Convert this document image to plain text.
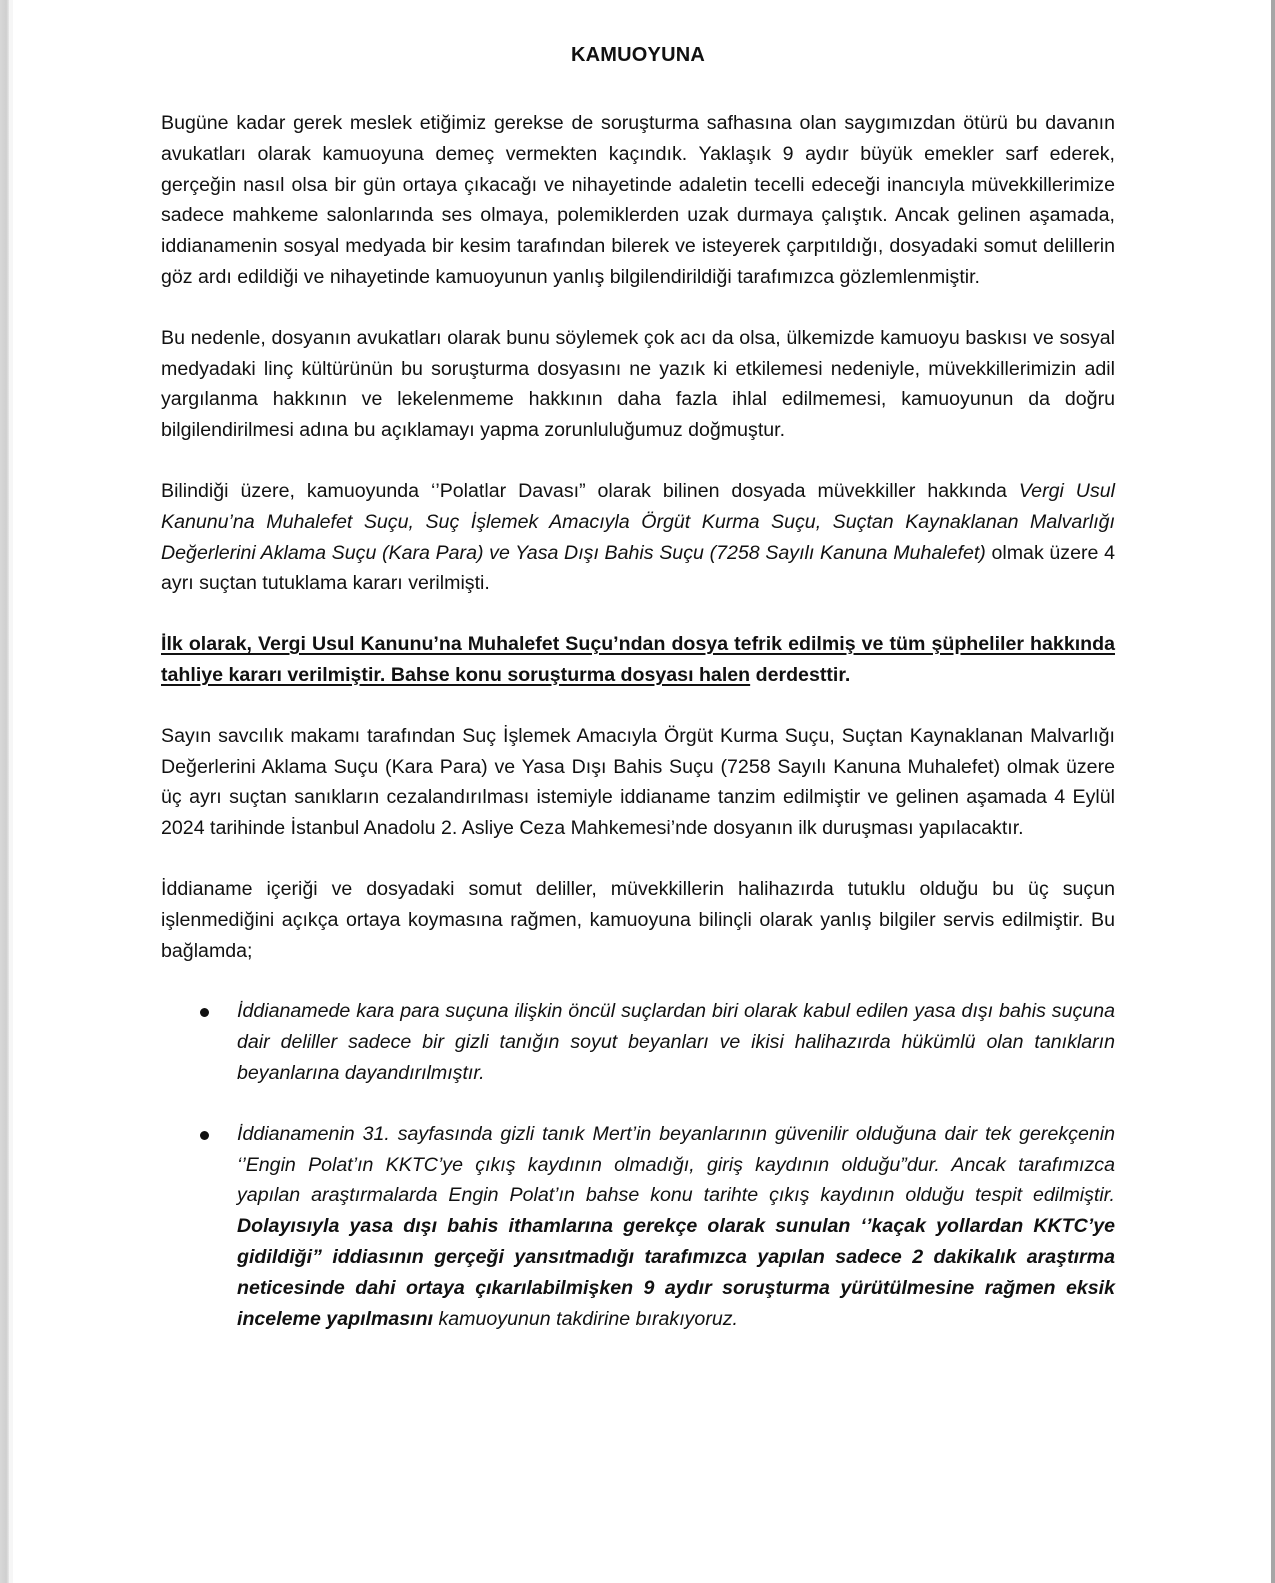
KAMUOYUNA

Bugüne kadar gerek meslek etiğimiz gerekse de soruşturma safhasına olan saygımızdan ötürü bu davanın avukatları olarak kamuoyuna demeç vermekten kaçındık. Yaklaşık 9 aydır büyük emekler sarf ederek, gerçeğin nasıl olsa bir gün ortaya çıkacağı ve nihayetinde adaletin tecelli edeceği inancıyla müvekkillerimize sadece mahkeme salonlarında ses olmaya, polemiklerden uzak durmaya çalıştık. Ancak gelinen aşamada, iddianamenin sosyal medyada bir kesim tarafından bilerek ve isteyerek çarpıtıldığı, dosyadaki somut delillerin göz ardı edildiği ve nihayetinde kamuoyunun yanlış bilgilendirildiği tarafımızca gözlemlenmiştir.

Bu nedenle, dosyanın avukatları olarak bunu söylemek çok acı da olsa, ülkemizde kamuoyu baskısı ve sosyal medyadaki linç kültürünün bu soruşturma dosyasını ne yazık ki etkilemesi nedeniyle, müvekkillerimizin adil yargılanma hakkının ve lekelenmeme hakkının daha fazla ihlal edilmemesi, kamuoyunun da doğru bilgilendirilmesi adına bu açıklamayı yapma zorunluluğumuz doğmuştur.

Bilindiği üzere, kamuoyunda ‘’Polatlar Davası” olarak bilinen dosyada müvekkiller hakkında Vergi Usul Kanunu’na Muhalefet Suçu, Suç İşlemek Amacıyla Örgüt Kurma Suçu, Suçtan Kaynaklanan Malvarlığı Değerlerini Aklama Suçu (Kara Para) ve Yasa Dışı Bahis Suçu (7258 Sayılı Kanuna Muhalefet) olmak üzere 4 ayrı suçtan tutuklama kararı verilmişti.

İlk olarak, Vergi Usul Kanunu’na Muhalefet Suçu’ndan dosya tefrik edilmiş ve tüm şüpheliler hakkında tahliye kararı verilmiştir. Bahse konu soruşturma dosyası halen derdesttir.

Sayın savcılık makamı tarafından Suç İşlemek Amacıyla Örgüt Kurma Suçu, Suçtan Kaynaklanan Malvarlığı Değerlerini Aklama Suçu (Kara Para) ve Yasa Dışı Bahis Suçu (7258 Sayılı Kanuna Muhalefet) olmak üzere üç ayrı suçtan sanıkların cezalandırılması istemiyle iddianame tanzim edilmiştir ve gelinen aşamada 4 Eylül 2024 tarihinde İstanbul Anadolu 2. Asliye Ceza Mahkemesi’nde dosyanın ilk duruşması yapılacaktır.

İddianame içeriği ve dosyadaki somut deliller, müvekkillerin halihazırda tutuklu olduğu bu üç suçun işlenmediğini açıkça ortaya koymasına rağmen, kamuoyuna bilinçli olarak yanlış bilgiler servis edilmiştir. Bu bağlamda;

İddianamede kara para suçuna ilişkin öncül suçlardan biri olarak kabul edilen yasa dışı bahis suçuna dair deliller sadece bir gizli tanığın soyut beyanları ve ikisi halihazırda hükümlü olan tanıkların beyanlarına dayandırılmıştır.

İddianamenin 31. sayfasında gizli tanık Mert’in beyanlarının güvenilir olduğuna dair tek gerekçenin ‘’Engin Polat’ın KKTC’ye çıkış kaydının olmadığı, giriş kaydının olduğu”dur. Ancak tarafımızca yapılan araştırmalarda Engin Polat’ın bahse konu tarihte çıkış kaydının olduğu tespit edilmiştir. Dolayısıyla yasa dışı bahis ithamlarına gerekçe olarak sunulan ‘’kaçak yollardan KKTC’ye gidildiği” iddiasının gerçeği yansıtmadığı tarafımızca yapılan sadece 2 dakikalık araştırma neticesinde dahi ortaya çıkarılabilmişken 9 aydır soruşturma yürütülmesine rağmen eksik inceleme yapılmasını kamuoyunun takdirine bırakıyoruz.
